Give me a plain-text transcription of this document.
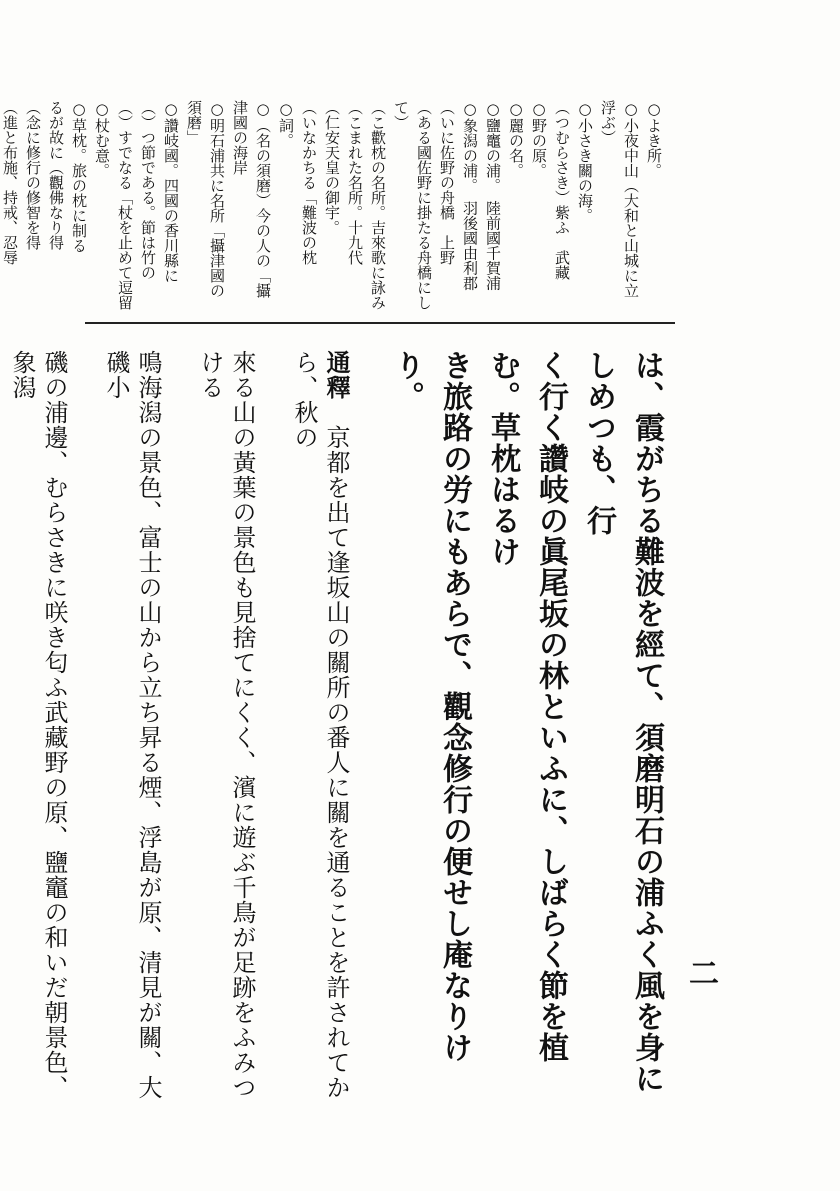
二
○よき所。
○小夜中山（大和と山城に立浮ぶ）
○小さき關の海。
（つむらさき）紫ふ　武藏
○野の原。
○麗の名。
○鹽竈の浦。　陸前國千賀浦
○象潟の浦。　羽後國由利郡
（いに佐野の舟橋　上野
（ある國佐野に掛たる舟橋にして）
（こ歡枕の名所。吉來歌に詠み
（こまれた名所。十九代
（仁安天皇の御宇。
（いなかちる「難波の枕
○詞。
○（名の須磨）今の人の「攝津國の海岸
○明石浦共に名所「攝津國の須磨」
○讚岐國。四國の香川縣に
（）つ節である。節は竹の
（）すでなる「杖を止めて逗留
○杖む意。
○草枕。旅の枕に制る
るが故に（觀佛なり得
（念に修行の修智を得
（進と布施、持戒、忍辱
は、霞がちる難波を經て、須磨明石の浦ふく風を身にしめつも、行
く行く讚岐の眞尾坂の林といふに、しばらく節を植む。草枕はるけ
き旅路の労にもあらで、觀念修行の便せし庵なりけり。
通釋　京都を出て逢坂山の關所の番人に關を通ることを許されてから、秋の
來る山の黃葉の景色も見捨てにくく、濱に遊ぶ千鳥が足跡をふみつける
鳴海潟の景色、富士の山から立ち昇る煙、浮島が原、清見が關、大磯小
磯の浦邊、むらさきに咲き匂ふ武藏野の原、鹽竈の和いだ朝景色、象潟
